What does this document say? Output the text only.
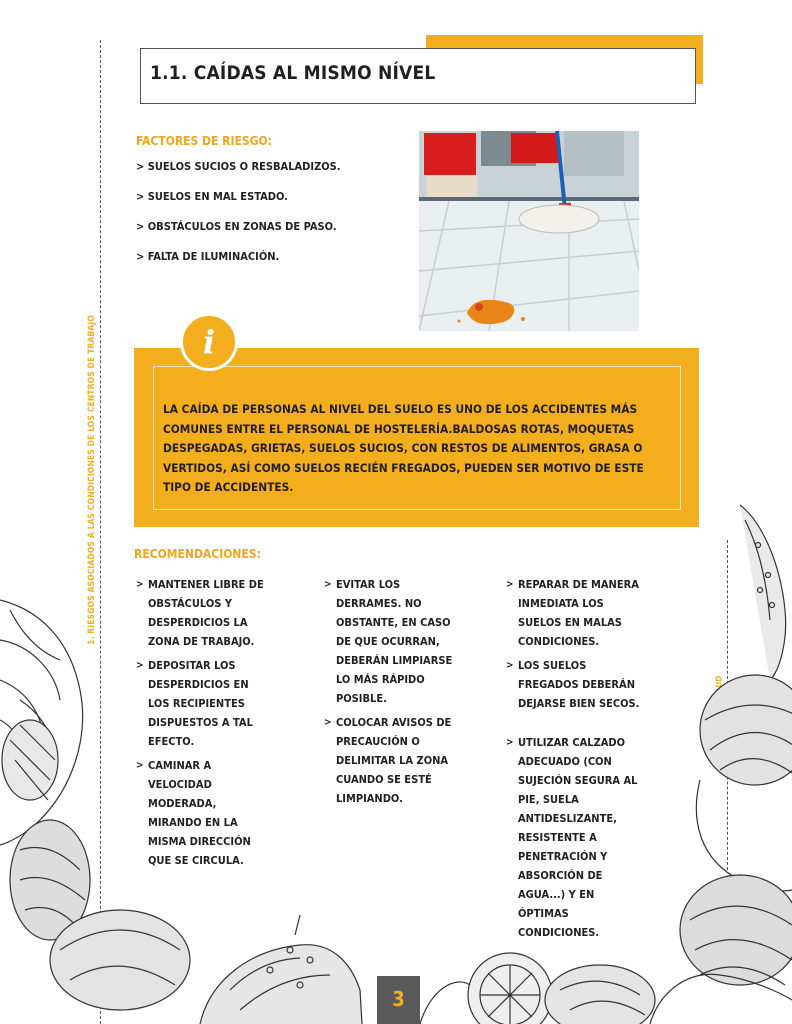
1. RIESGOS ASOCIADOS A LAS CONDICIONES DE LOS CENTROS DE TRABAJO
1.1. CAÍDAS AL MISMO NÍVEL
FACTORES DE RIESGO:
> SUELOS SUCIOS O RESBALADIZOS.
> SUELOS EN MAL ESTADO.
> OBSTÁCULOS EN ZONAS DE PASO.
> FALTA DE ILUMINACIÓN.
i
LA CAÍDA DE PERSONAS AL NIVEL DEL SUELO ES UNO DE LOS ACCIDENTES MÁS COMUNES ENTRE EL PERSONAL DE HOSTELERÍA.BALDOSAS ROTAS, MOQUETAS DESPEGADAS, GRIETAS, SUELOS SUCIOS, CON RESTOS DE ALIMENTOS, GRASA O VERTIDOS, ASÍ COMO SUELOS RECIÉN FREGADOS, PUEDEN SER MOTIVO DE ESTE TIPO DE ACCIDENTES.
RECOMENDACIONES:
> MANTENER LIBRE DE OBSTÁCULOS Y DESPERDICIOS LA ZONA DE TRABAJO.
> DEPOSITAR LOS DESPERDICIOS EN LOS RECIPIENTES DISPUESTOS A TAL EFECTO.
> CAMINAR A VELOCIDAD MODERADA, MIRANDO EN LA MISMA DIRECCIÓN QUE SE CIRCULA.
> EVITAR LOS DERRAMES. NO OBSTANTE, EN CASO DE QUE OCURRAN, DEBERÁN LIMPIARSE LO MÁS RÁPIDO POSIBLE.
> COLOCAR AVISOS DE PRECAUCIÓN O DELIMITAR LA ZONA CUANDO SE ESTÉ LIMPIANDO.
> REPARAR DE MANERA INMEDIATA LOS SUELOS EN MALAS CONDICIONES.
> LOS SUELOS FREGADOS DEBERÁN DEJARSE BIEN SECOS.
> UTILIZAR CALZADO ADECUADO (CON SUJECIÓN SEGURA AL PIE, SUELA ANTIDESLIZANTE, RESISTENTE A PENETRACIÓN Y ABSORCIÓN DE AGUA...) Y EN ÓPTIMAS CONDICIONES.
3
